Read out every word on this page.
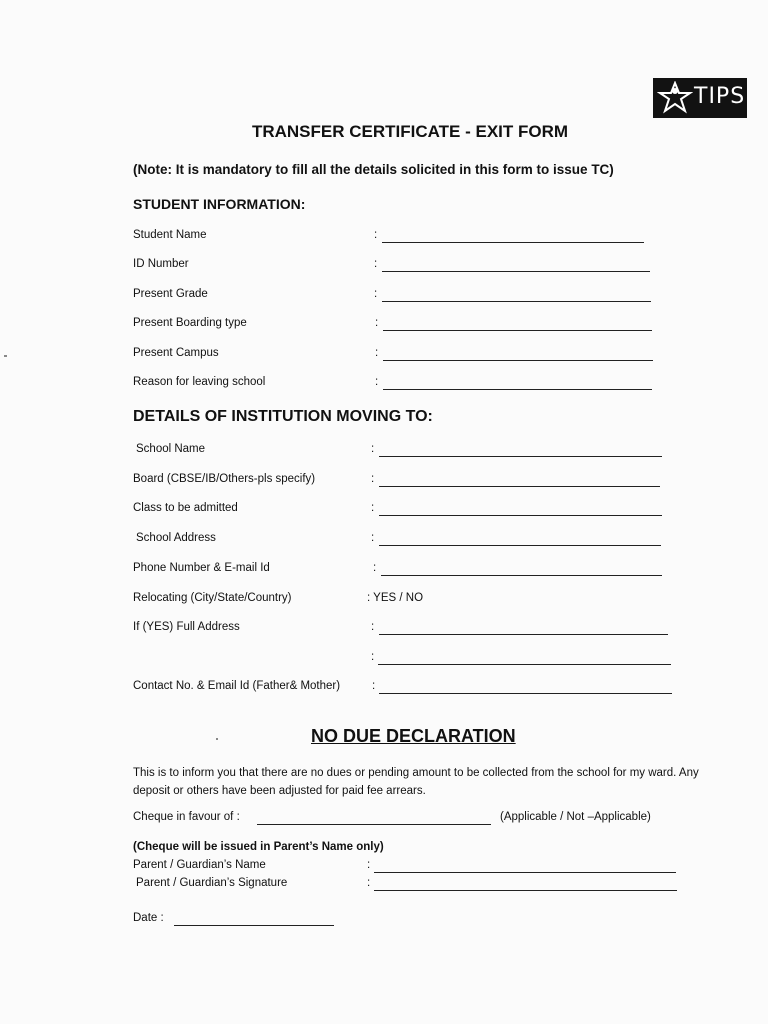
TIPS
TRANSFER CERTIFICATE - EXIT FORM
(Note: It is mandatory to fill all the details solicited in this form to issue TC)
STUDENT INFORMATION:
Student Name	:
ID Number	:
Present Grade	:
Present Boarding type	:
Present Campus	:
Reason for leaving school	:
DETAILS OF INSTITUTION MOVING TO:
School Name	:
Board (CBSE/IB/Others-pls specify)	:
Class to be admitted	:
School Address	:
Phone Number & E-mail Id	:
Relocating (City/State/Country)	: YES / NO
If (YES) Full Address	:
:
Contact No. & Email Id (Father& Mother)	:
NO DUE DECLARATION
This is to inform you that there are no dues or pending amount to be collected from the school for my ward. Any deposit or others have been adjusted for paid fee arrears.
Cheque in favour of :	(Applicable / Not –Applicable)
(Cheque will be issued in Parent’s Name only)
Parent / Guardian’s Name	:
Parent / Guardian’s Signature	:
Date :
